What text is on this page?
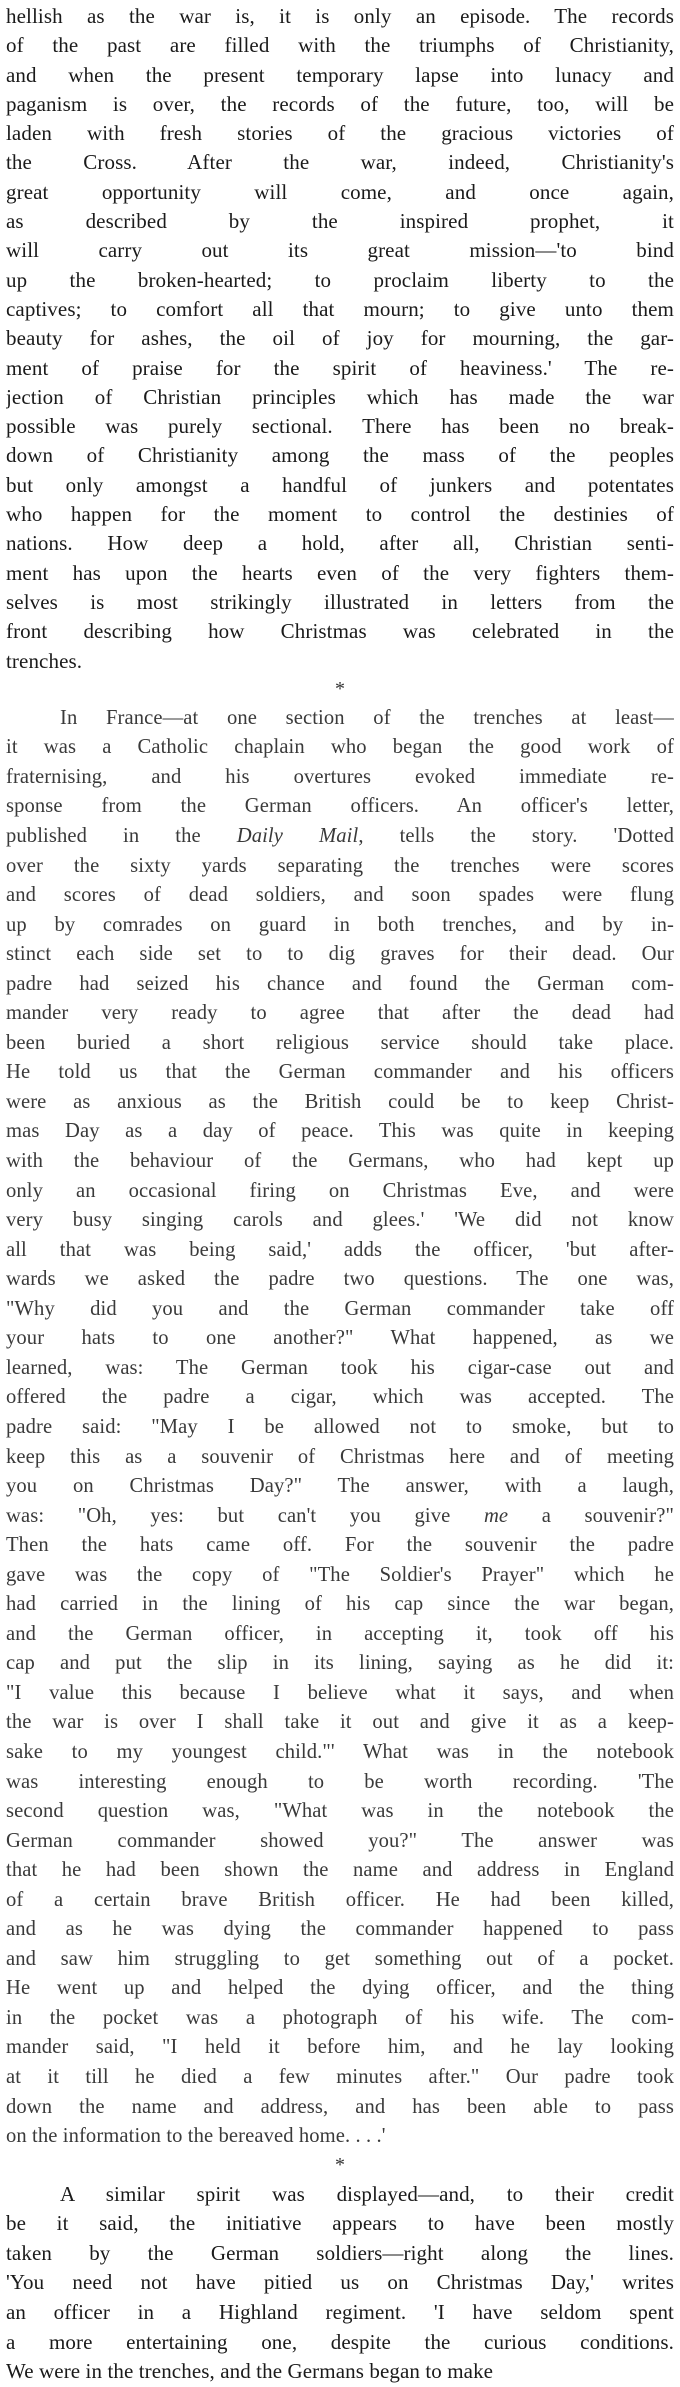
hellish as the war is, it is only an episode. The records
of the past are filled with the triumphs of Christianity,
and when the present temporary lapse into lunacy and
paganism is over, the records of the future, too, will be
laden with fresh stories of the gracious victories of
the Cross. After the war, indeed, Christianity's
great opportunity will come, and once again,
as described by the inspired prophet, it
will carry out its great mission—'to bind
up the broken-hearted; to proclaim liberty to the
captives; to comfort all that mourn; to give unto them
beauty for ashes, the oil of joy for mourning, the gar-
ment of praise for the spirit of heaviness.' The re-
jection of Christian principles which has made the war
possible was purely sectional. There has been no break-
down of Christianity among the mass of the peoples
but only amongst a handful of junkers and potentates
who happen for the moment to control the destinies of
nations. How deep a hold, after all, Christian senti-
ment has upon the hearts even of the very fighters them-
selves is most strikingly illustrated in letters from the
front describing how Christmas was celebrated in the
trenches.
*
In France—at one section of the trenches at least—
it was a Catholic chaplain who began the good work of
fraternising, and his overtures evoked immediate re-
sponse from the German officers. An officer's letter,
published in the Daily Mail, tells the story. 'Dotted
over the sixty yards separating the trenches were scores
and scores of dead soldiers, and soon spades were flung
up by comrades on guard in both trenches, and by in-
stinct each side set to to dig graves for their dead. Our
padre had seized his chance and found the German com-
mander very ready to agree that after the dead had
been buried a short religious service should take place.
He told us that the German commander and his officers
were as anxious as the British could be to keep Christ-
mas Day as a day of peace. This was quite in keeping
with the behaviour of the Germans, who had kept up
only an occasional firing on Christmas Eve, and were
very busy singing carols and glees.' 'We did not know
all that was being said,' adds the officer, 'but after-
wards we asked the padre two questions. The one was,
"Why did you and the German commander take off
your hats to one another?" What happened, as we
learned, was: The German took his cigar-case out and
offered the padre a cigar, which was accepted. The
padre said: "May I be allowed not to smoke, but to
keep this as a souvenir of Christmas here and of meeting
you on Christmas Day?" The answer, with a laugh,
was: "Oh, yes: but can't you give me a souvenir?"
Then the hats came off. For the souvenir the padre
gave was the copy of "The Soldier's Prayer" which he
had carried in the lining of his cap since the war began,
and the German officer, in accepting it, took off his
cap and put the slip in its lining, saying as he did it:
"I value this because I believe what it says, and when
the war is over I shall take it out and give it as a keep-
sake to my youngest child."' What was in the notebook
was interesting enough to be worth recording. 'The
second question was, "What was in the notebook the
German commander showed you?" The answer was
that he had been shown the name and address in England
of a certain brave British officer. He had been killed,
and as he was dying the commander happened to pass
and saw him struggling to get something out of a pocket.
He went up and helped the dying officer, and the thing
in the pocket was a photograph of his wife. The com-
mander said, "I held it before him, and he lay looking
at it till he died a few minutes after." Our padre took
down the name and address, and has been able to pass
on the information to the bereaved home. . . .'
*
A similar spirit was displayed—and, to their credit
be it said, the initiative appears to have been mostly
taken by the German soldiers—right along the lines.
'You need not have pitied us on Christmas Day,' writes
an officer in a Highland regiment. 'I have seldom spent
a more entertaining one, despite the curious conditions.
We were in the trenches, and the Germans began to make
